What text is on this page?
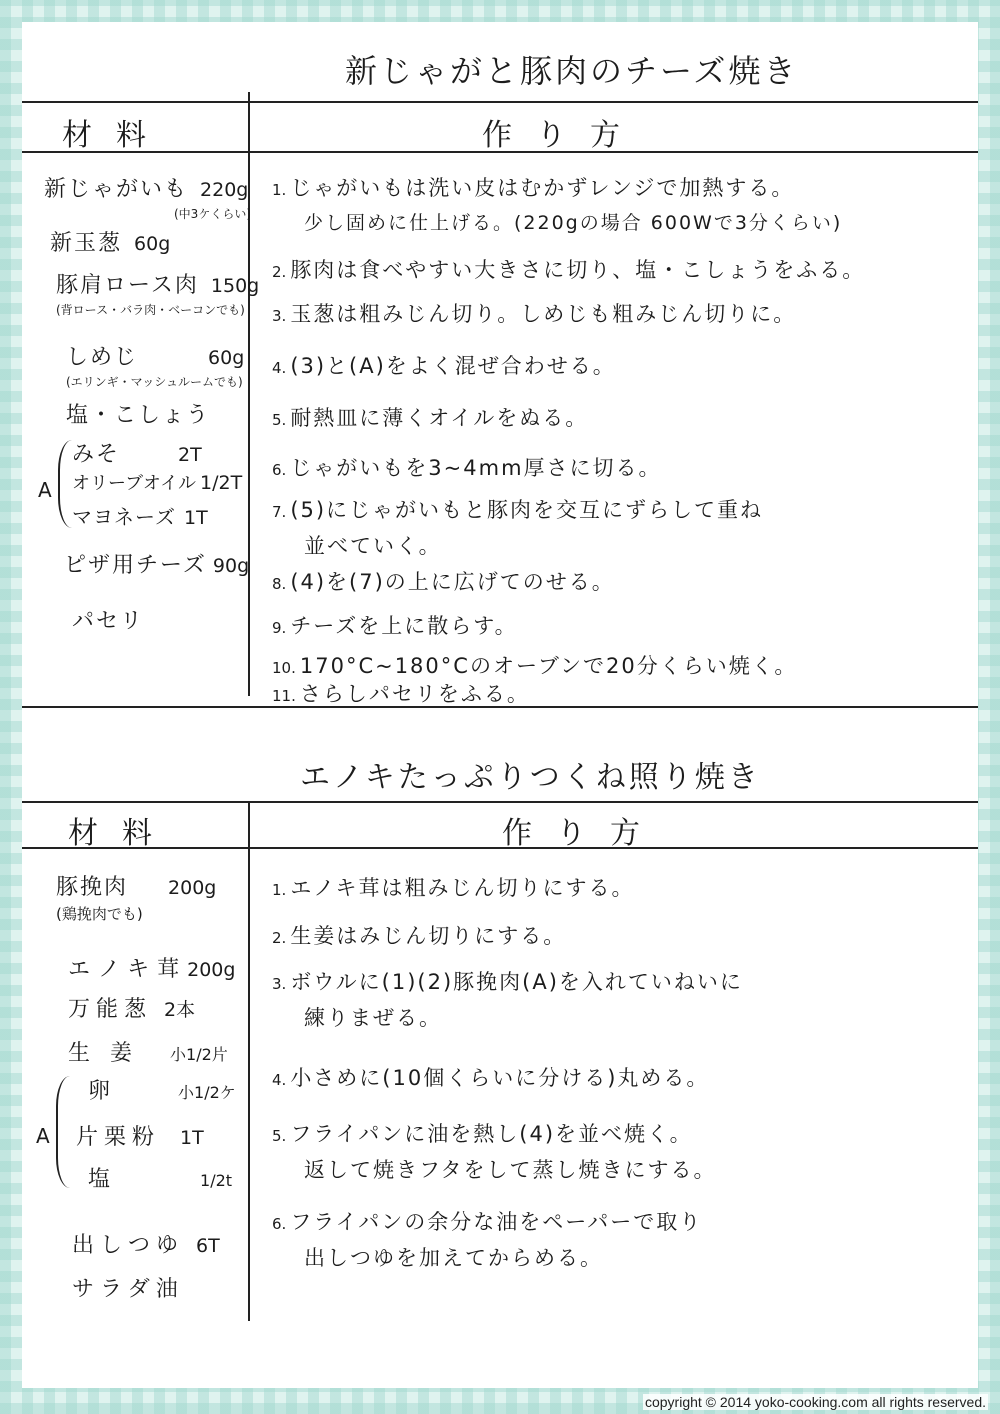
新じゃがと豚肉のチーズ焼き
材料	作り方
新じゃがいも 220g
(中3ケくらい)
新玉葱 60g
豚肩ロース肉 150g
(背ロース・バラ肉・ベーコンでも)
しめじ	60g
(エリンギ・マッシュルームでも)
塩・こしょう
A
みそ	2T
オリーブオイル 1/2T
マヨネーズ 1T
ピザ用チーズ 90g
パセリ
1. じゃがいもは洗い皮はむかずレンジで加熱する。
少し固めに仕上げる。(220gの場合 600Wで3分くらい)
2. 豚肉は食べやすい大きさに切り、塩・こしょうをふる。
3. 玉葱は粗みじん切り。しめじも粗みじん切りに。
4. (3)と(A)をよく混ぜ合わせる。
5. 耐熱皿に薄くオイルをぬる。
6. じゃがいもを3~4mm厚さに切る。
7. (5)にじゃがいもと豚肉を交互にずらして重ね
並べていく。
8. (4)を(7)の上に広げてのせる。
9. チーズを上に散らす。
10. 170°C~180°Cのオーブンで20分くらい焼く。
11. さらしパセリをふる。
エノキたっぷりつくね照り焼き
材料	作り方
豚挽肉 200g
(鶏挽肉でも)
エノキ茸200g
万能葱 2本
生姜 小1/2片
A
卵	小1/2ケ
片栗粉 1T
塩	1/2t
出しつゆ 6T
サラダ油
1. エノキ茸は粗みじん切りにする。
2. 生姜はみじん切りにする。
3. ボウルに(1)(2)豚挽肉(A)を入れていねいに
練りまぜる。
4. 小さめに(10個くらいに分ける)丸める。
5. フライパンに油を熱し(4)を並べ焼く。
返して焼きフタをして蒸し焼きにする。
6. フライパンの余分な油をペーパーで取り
出しつゆを加えてからめる。
copyright © 2014 yoko-cooking.com all rights reserved.
